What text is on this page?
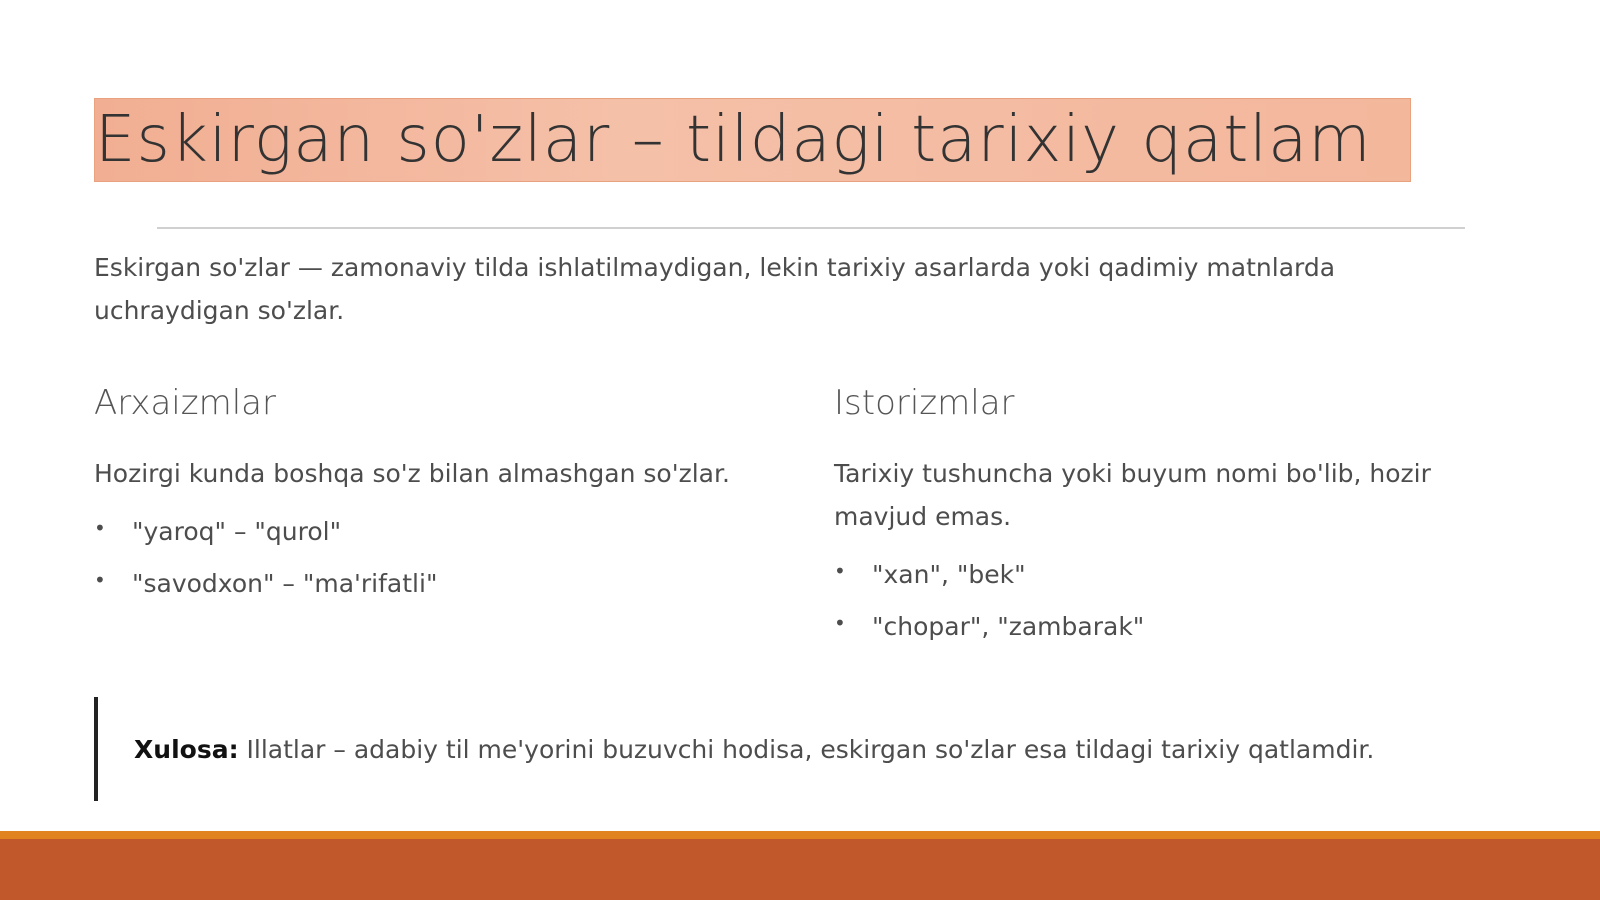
Eskirgan so'zlar – tildagi tarixiy qatlam
Eskirgan so'zlar — zamonaviy tilda ishlatilmaydigan, lekin tarixiy asarlarda yoki qadimiy matnlarda uchraydigan so'zlar.
Arxaizmlar
Hozirgi kunda boshqa so'z bilan almashgan so'zlar.
• "yaroq" – "qurol"
• "savodxon" – "ma'rifatli"
Istorizmlar
Tarixiy tushuncha yoki buyum nomi bo'lib, hozir mavjud emas.
• "xan", "bek"
• "chopar", "zambarak"
Xulosa: Illatlar – adabiy til me'yorini buzuvchi hodisa, eskirgan so'zlar esa tildagi tarixiy qatlamdir.
